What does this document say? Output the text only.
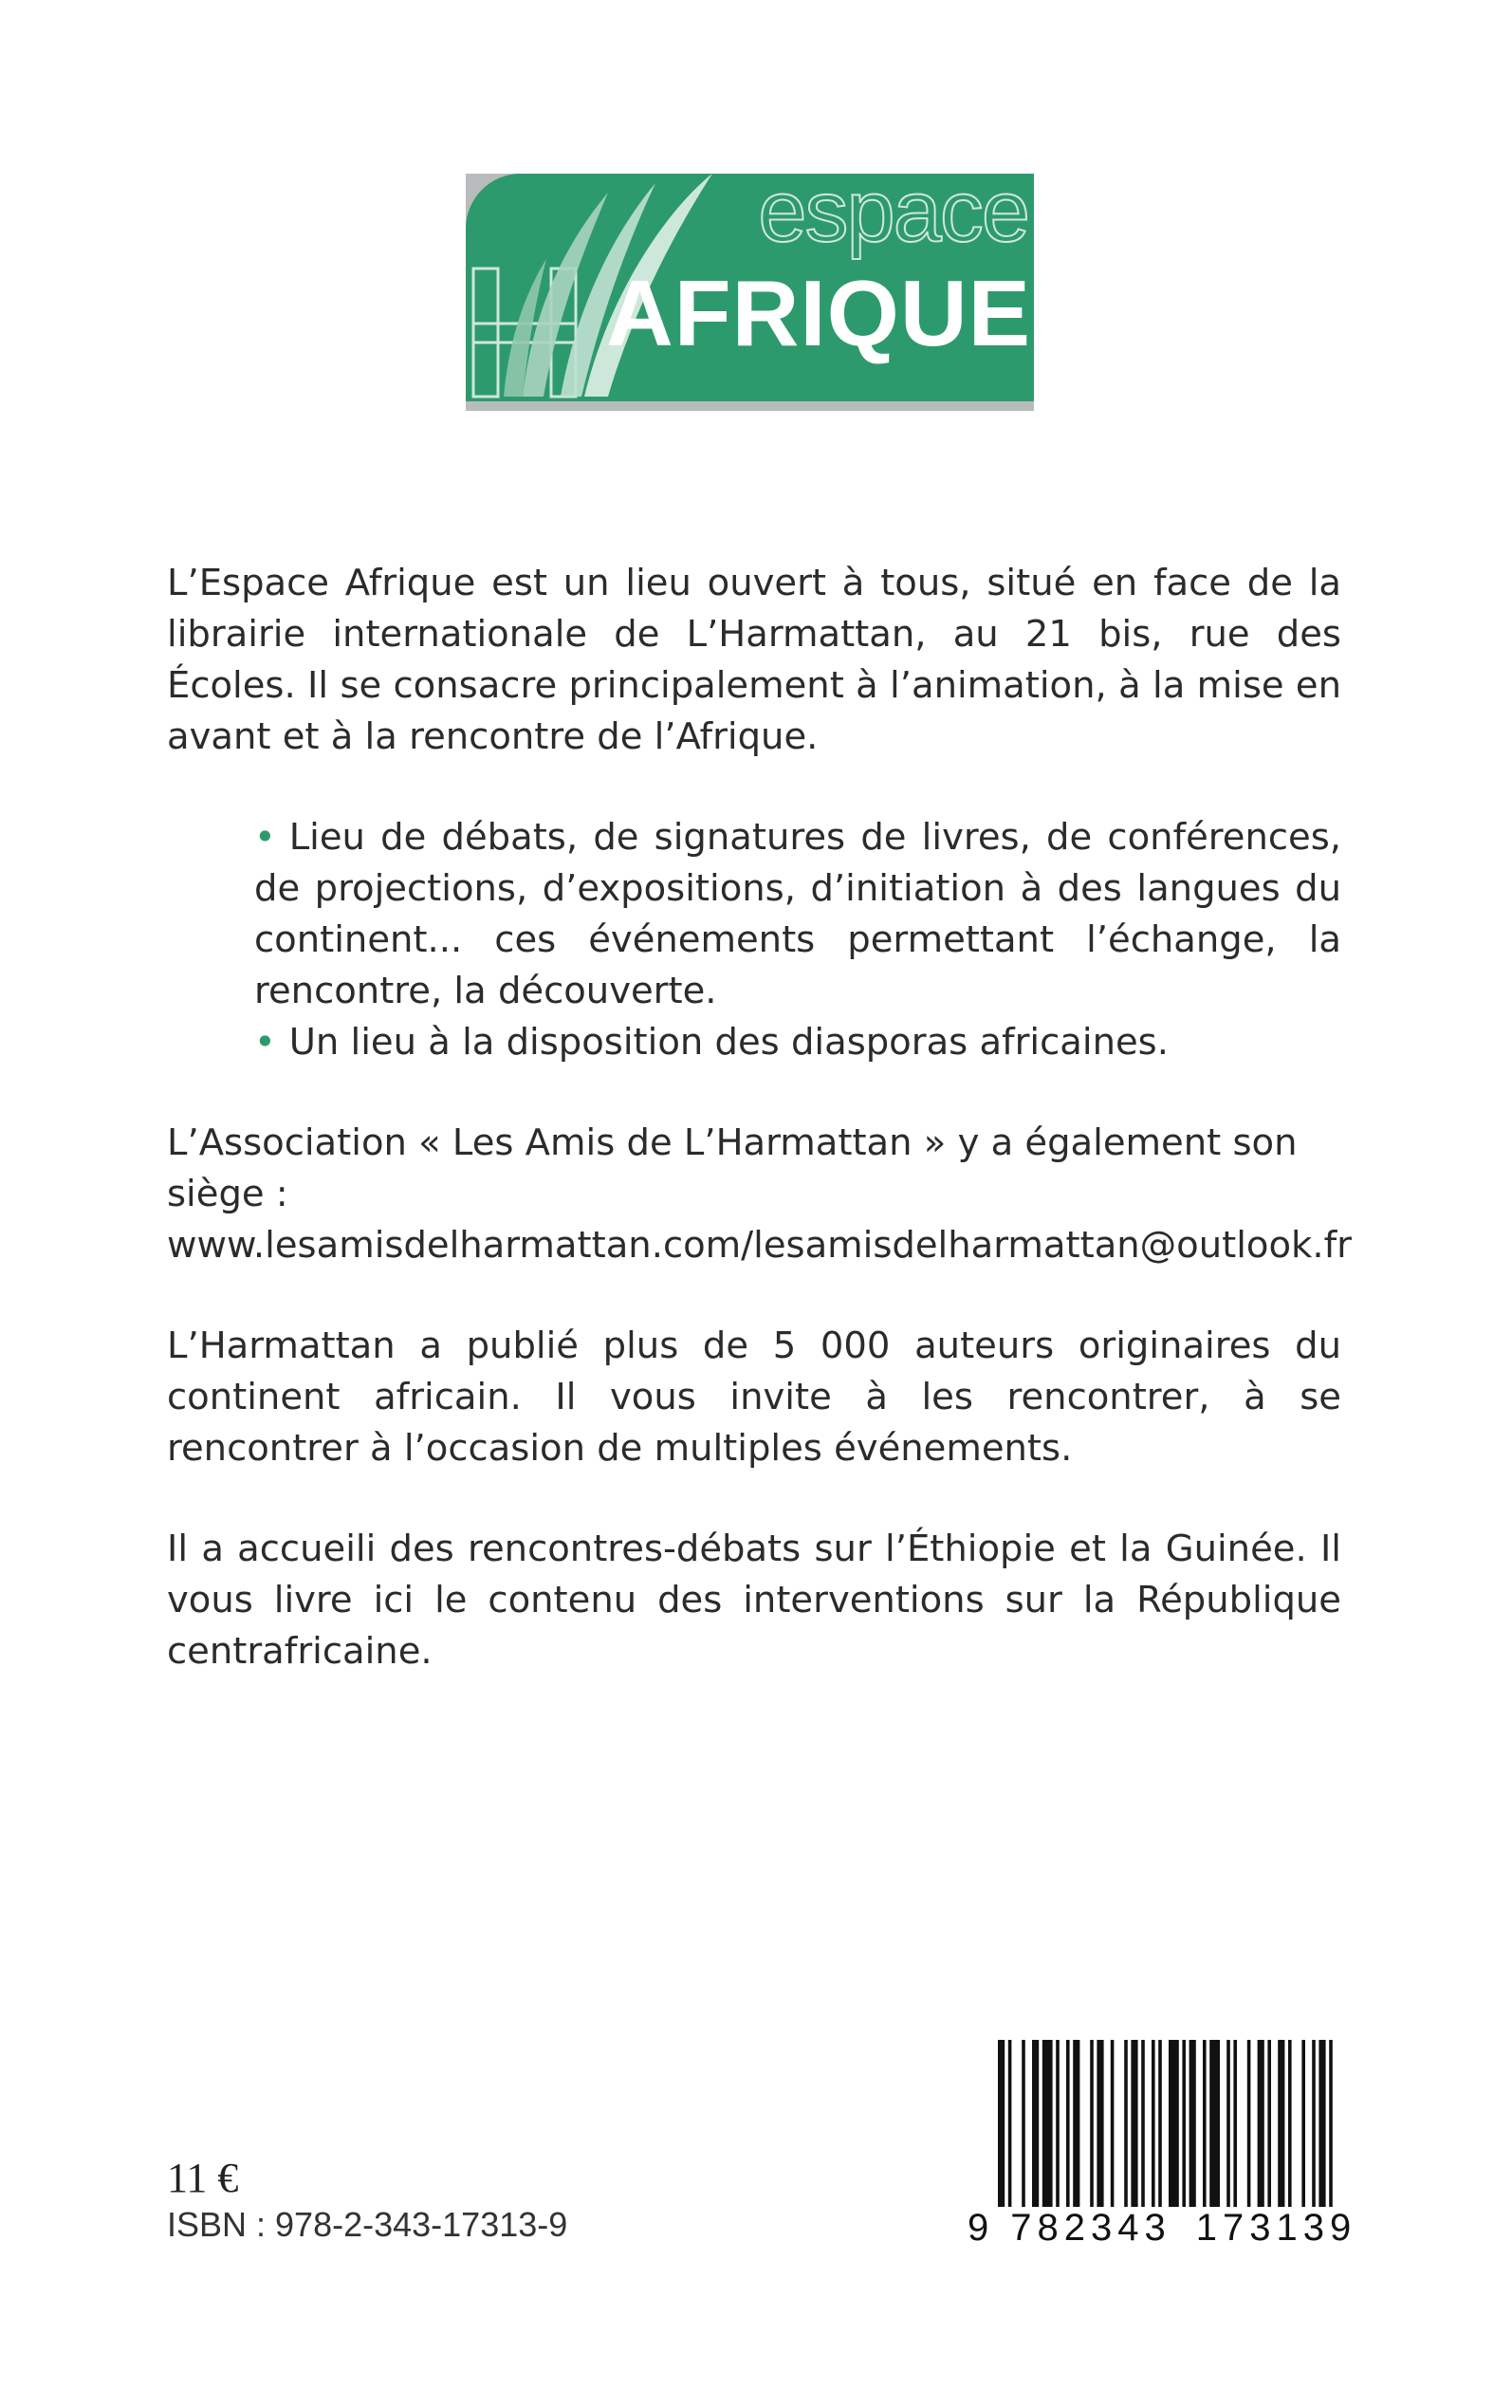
espace
AFRIQUE

L’Espace Afrique est un lieu ouvert à tous, situé en face de la librairie internationale de L’Harmattan, au 21 bis, rue des Écoles. Il se consacre principalement à l’animation, à la mise en avant et à la rencontre de l’Afrique.

• Lieu de débats, de signatures de livres, de conférences, de projections, d’expositions, d’initiation à des langues du continent... ces événements permettant l’échange, la rencontre, la découverte.
• Un lieu à la disposition des diasporas africaines.

L’Association « Les Amis de L’Harmattan » y a également son siège :
www.lesamisdelharmattan.com/lesamisdelharmattan@outlook.fr

L’Harmattan a publié plus de 5 000 auteurs originaires du continent africain. Il vous invite à les rencontrer, à se rencontrer à l’occasion de multiples événements.

Il a accueili des rencontres-débats sur l’Éthiopie et la Guinée. Il vous livre ici le contenu des interventions sur la République centrafricaine.

11 €
ISBN : 978-2-343-17313-9	9 782343 173139
